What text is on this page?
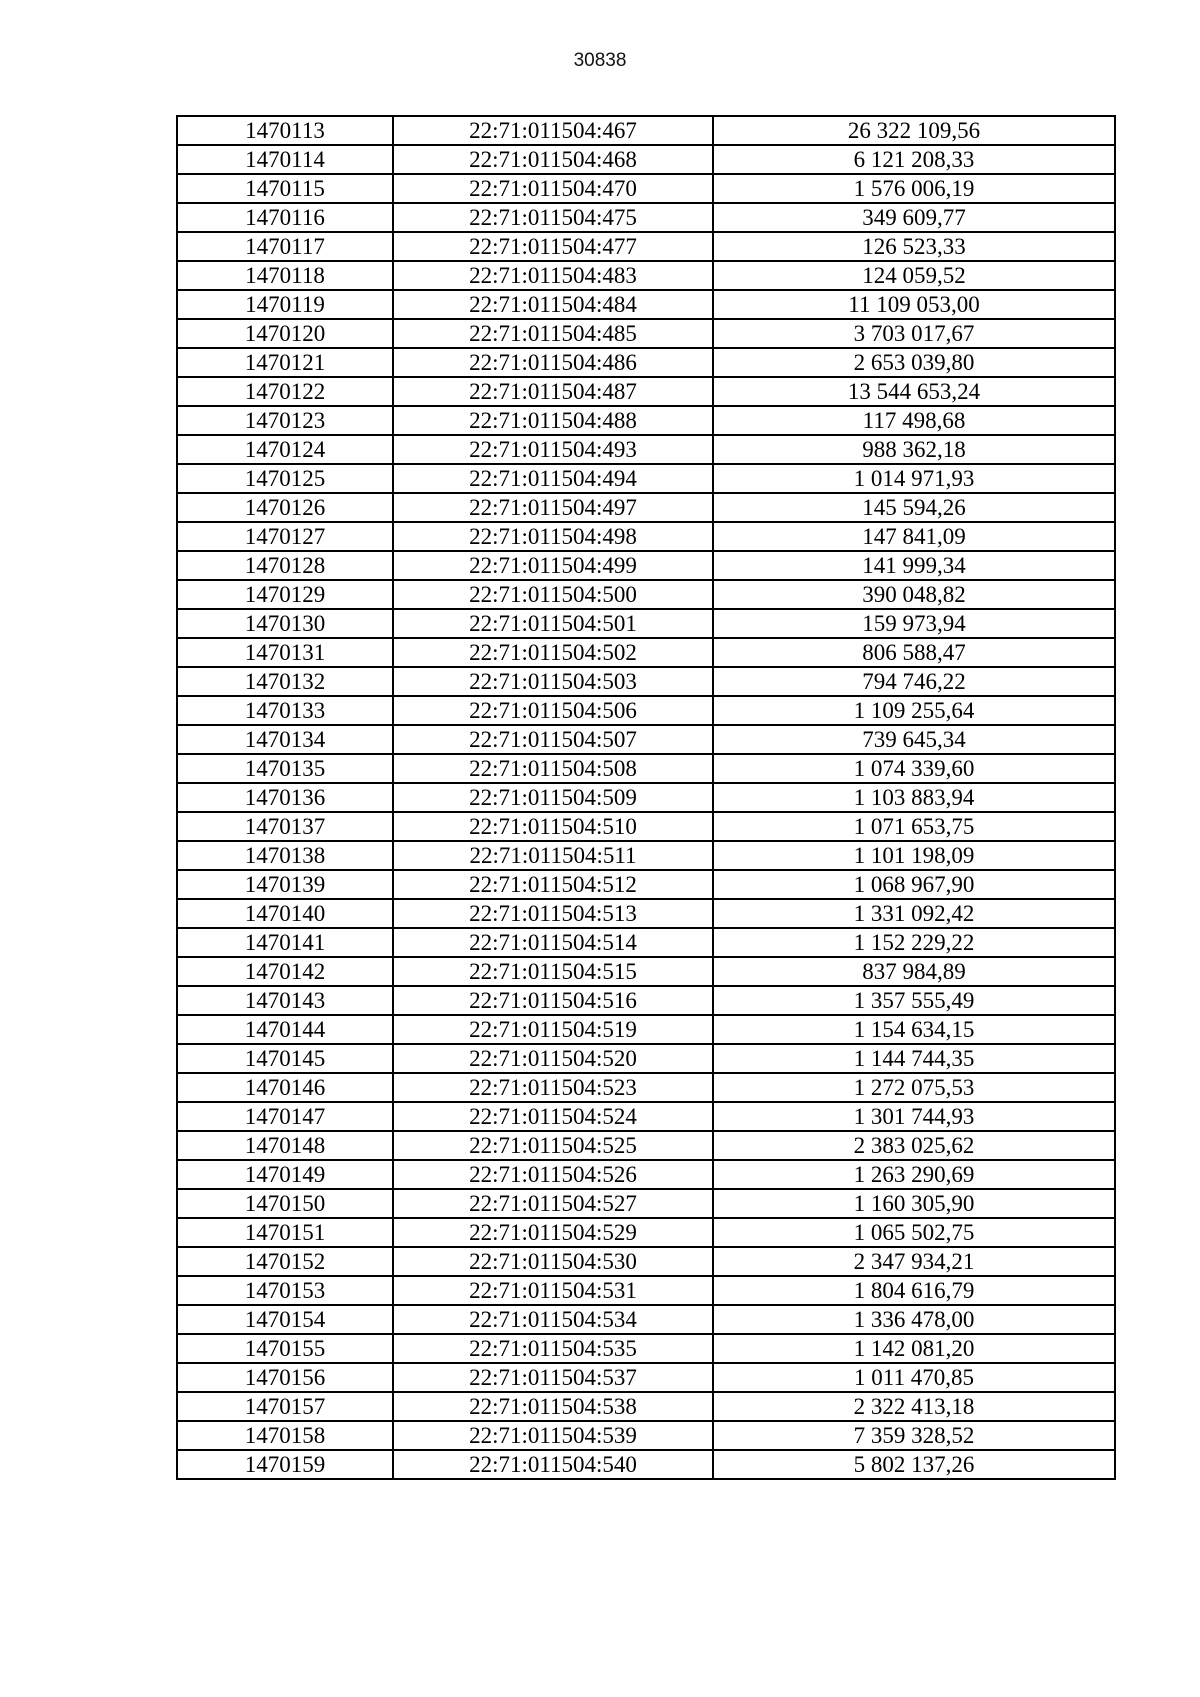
30838
1470113	22:71:011504:467	26 322 109,56
1470114	22:71:011504:468	6 121 208,33
1470115	22:71:011504:470	1 576 006,19
1470116	22:71:011504:475	349 609,77
1470117	22:71:011504:477	126 523,33
1470118	22:71:011504:483	124 059,52
1470119	22:71:011504:484	11 109 053,00
1470120	22:71:011504:485	3 703 017,67
1470121	22:71:011504:486	2 653 039,80
1470122	22:71:011504:487	13 544 653,24
1470123	22:71:011504:488	117 498,68
1470124	22:71:011504:493	988 362,18
1470125	22:71:011504:494	1 014 971,93
1470126	22:71:011504:497	145 594,26
1470127	22:71:011504:498	147 841,09
1470128	22:71:011504:499	141 999,34
1470129	22:71:011504:500	390 048,82
1470130	22:71:011504:501	159 973,94
1470131	22:71:011504:502	806 588,47
1470132	22:71:011504:503	794 746,22
1470133	22:71:011504:506	1 109 255,64
1470134	22:71:011504:507	739 645,34
1470135	22:71:011504:508	1 074 339,60
1470136	22:71:011504:509	1 103 883,94
1470137	22:71:011504:510	1 071 653,75
1470138	22:71:011504:511	1 101 198,09
1470139	22:71:011504:512	1 068 967,90
1470140	22:71:011504:513	1 331 092,42
1470141	22:71:011504:514	1 152 229,22
1470142	22:71:011504:515	837 984,89
1470143	22:71:011504:516	1 357 555,49
1470144	22:71:011504:519	1 154 634,15
1470145	22:71:011504:520	1 144 744,35
1470146	22:71:011504:523	1 272 075,53
1470147	22:71:011504:524	1 301 744,93
1470148	22:71:011504:525	2 383 025,62
1470149	22:71:011504:526	1 263 290,69
1470150	22:71:011504:527	1 160 305,90
1470151	22:71:011504:529	1 065 502,75
1470152	22:71:011504:530	2 347 934,21
1470153	22:71:011504:531	1 804 616,79
1470154	22:71:011504:534	1 336 478,00
1470155	22:71:011504:535	1 142 081,20
1470156	22:71:011504:537	1 011 470,85
1470157	22:71:011504:538	2 322 413,18
1470158	22:71:011504:539	7 359 328,52
1470159	22:71:011504:540	5 802 137,26
